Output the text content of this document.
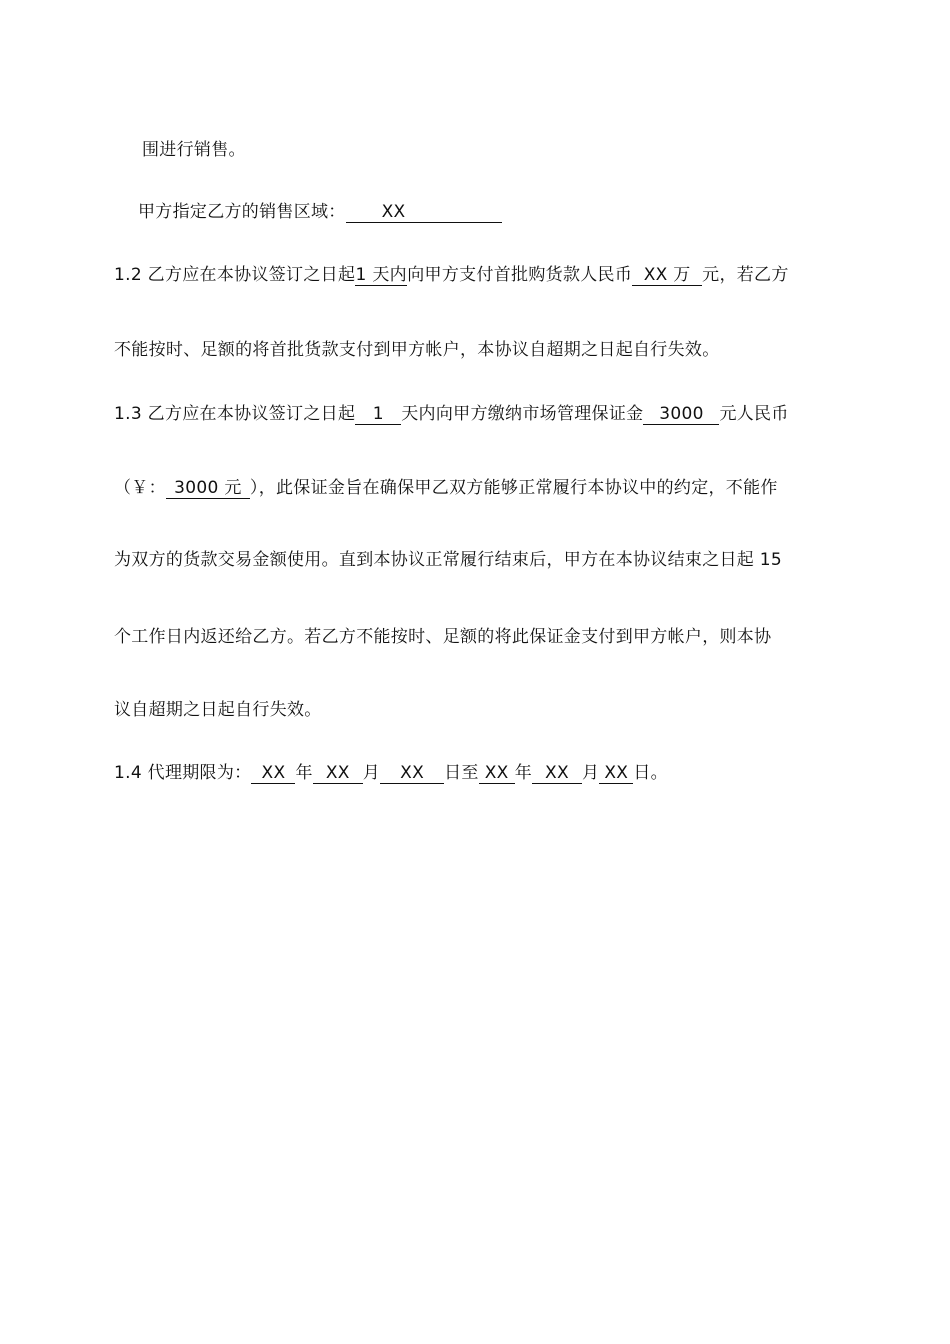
围进行销售。
甲方指定乙方的销售区域： XX
1.2 乙方应在本协议签订之日起1 天内向甲方支付首批购货款人民币 XX 万 元，若乙方
不能按时、足额的将首批货款支付到甲方帐户，本协议自超期之日起自行失效。
1.3 乙方应在本协议签订之日起 1 天内向甲方缴纳市场管理保证金 3000 元人民币
（￥： 3000 元 ），此保证金旨在确保甲乙双方能够正常履行本协议中的约定，不能作
为双方的货款交易金额使用。直到本协议正常履行结束后，甲方在本协议结束之日起 15
个工作日内返还给乙方。若乙方不能按时、足额的将此保证金支付到甲方帐户，则本协
议自超期之日起自行失效。
1.4 代理期限为： XX 年 XX 月 XX 日至 XX 年 XX 月 XX 日。
